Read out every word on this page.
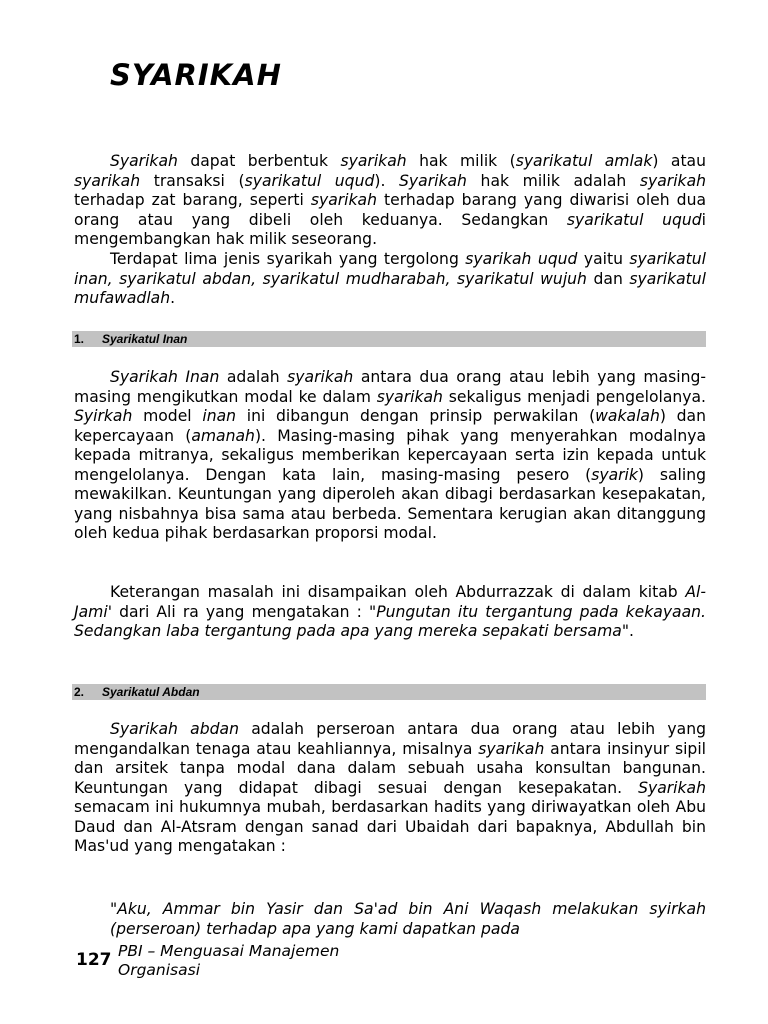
SYARIKAH

Syarikah dapat berbentuk syarikah hak milik (syarikatul amlak) atau syarikah transaksi (syarikatul uqud). Syarikah hak milik adalah syarikah terhadap zat barang, seperti syarikah terhadap barang yang diwarisi oleh dua orang atau yang dibeli oleh keduanya. Sedangkan syarikatul uqudi mengembangkan hak milik seseorang.

Terdapat lima jenis syarikah yang tergolong syarikah uqud yaitu syarikatul inan, syarikatul abdan, syarikatul mudharabah, syarikatul wujuh dan syarikatul mufawadlah.

1. Syarikatul Inan

Syarikah Inan adalah syarikah antara dua orang atau lebih yang masing-masing mengikutkan modal ke dalam syarikah sekaligus menjadi pengelolanya. Syirkah model inan ini dibangun dengan prinsip perwakilan (wakalah) dan kepercayaan (amanah). Masing-masing pihak yang menyerahkan modalnya kepada mitranya, sekaligus memberikan kepercayaan serta izin kepada untuk mengelolanya. Dengan kata lain, masing-masing pesero (syarik) saling mewakilkan. Keuntungan yang diperoleh akan dibagi berdasarkan kesepakatan, yang nisbahnya bisa sama atau berbeda. Sementara kerugian akan ditanggung oleh kedua pihak berdasarkan proporsi modal.

Keterangan masalah ini disampaikan oleh Abdurrazzak di dalam kitab Al-Jami' dari Ali ra yang mengatakan : "Pungutan itu tergantung pada kekayaan. Sedangkan laba tergantung pada apa yang mereka sepakati bersama".

2. Syarikatul Abdan

Syarikah abdan adalah perseroan antara dua orang atau lebih yang mengandalkan tenaga atau keahliannya, misalnya syarikah antara insinyur sipil dan arsitek tanpa modal dana dalam sebuah usaha konsultan bangunan. Keuntungan yang didapat dibagi sesuai dengan kesepakatan. Syarikah semacam ini hukumnya mubah, berdasarkan hadits yang diriwayatkan oleh Abu Daud dan Al-Atsram dengan sanad dari Ubaidah dari bapaknya, Abdullah bin Mas'ud yang mengatakan :

"Aku, Ammar bin Yasir dan Sa'ad bin Ani Waqash melakukan syirkah (perseroan) terhadap apa yang kami dapatkan pada

127 PBI – Menguasai Manajemen Organisasi
